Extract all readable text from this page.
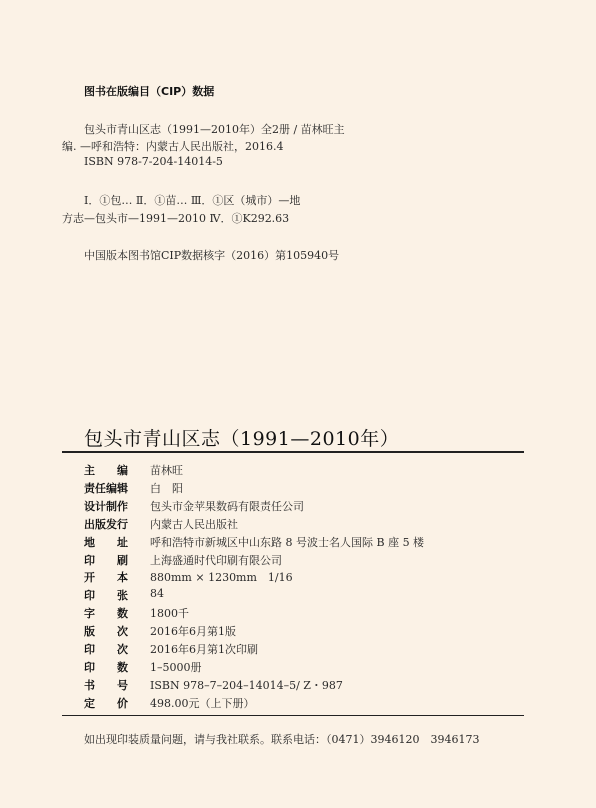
图书在版编目（CIP）数据
包头市青山区志（1991—2010年）全2册 / 苗林旺主
编. —呼和浩特：内蒙古人民出版社，2016.4
ISBN 978-7-204-14014-5
Ⅰ．①包… Ⅱ．①苗… Ⅲ．①区（城市）—地
方志—包头市—1991—2010 Ⅳ．①K292.63
中国版本图书馆CIP数据核字（2016）第105940号
包头市青山区志（1991—2010年）
主编 苗林旺
责任编辑 白　阳
设计制作 包头市金苹果数码有限责任公司
出版发行 内蒙古人民出版社
地址 呼和浩特市新城区中山东路 8 号波士名人国际 B 座 5 楼
印刷 上海盛通时代印刷有限公司
开本 880mm × 1230mm　1/16
印张 84
字数 1800千
版次 2016年6月第1版
印次 2016年6月第1次印刷
印数 1–5000册
书号 ISBN 978–7–204–14014–5/ Z・987
定价 498.00元（上下册）
如出现印装质量问题，请与我社联系。联系电话：（0471）3946120　3946173
